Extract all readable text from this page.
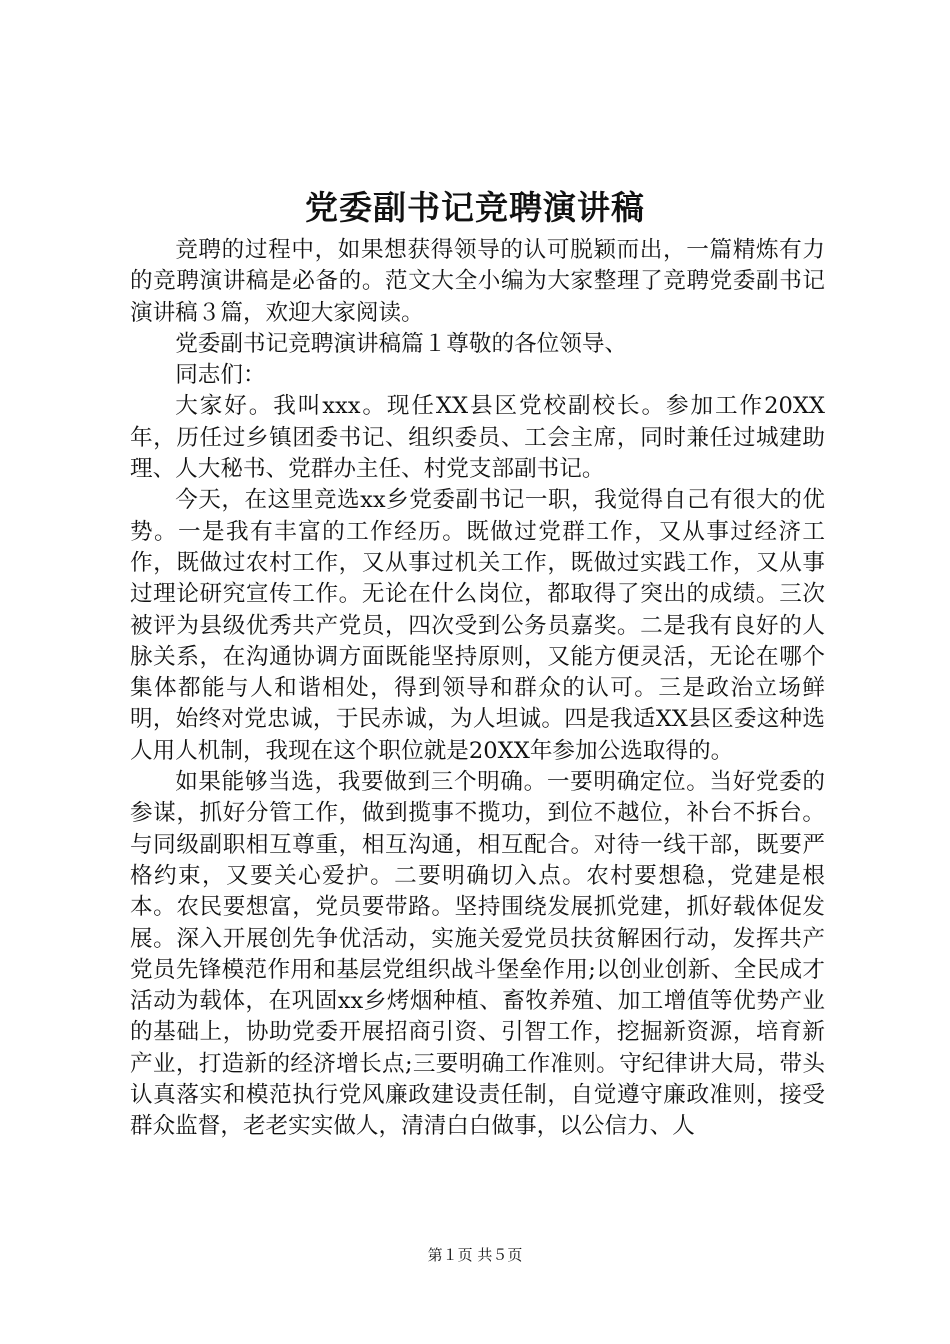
党委副书记竞聘演讲稿

竞聘的过程中，如果想获得领导的认可脱颖而出，一篇精炼有力的竞聘演讲稿是必备的。范文大全小编为大家整理了竞聘党委副书记演讲稿３篇，欢迎大家阅读。

党委副书记竞聘演讲稿篇１尊敬的各位领导、

同志们：

大家好。我叫xxx。现任XX县区党校副校长。参加工作20XX年，历任过乡镇团委书记、组织委员、工会主席，同时兼任过城建助理、人大秘书、党群办主任、村党支部副书记。

今天，在这里竞选xx乡党委副书记一职，我觉得自己有很大的优势。一是我有丰富的工作经历。既做过党群工作，又从事过经济工作，既做过农村工作，又从事过机关工作，既做过实践工作，又从事过理论研究宣传工作。无论在什么岗位，都取得了突出的成绩。三次被评为县级优秀共产党员，四次受到公务员嘉奖。二是我有良好的人脉关系，在沟通协调方面既能坚持原则，又能方便灵活，无论在哪个集体都能与人和谐相处，得到领导和群众的认可。三是政治立场鲜明，始终对党忠诚，于民赤诚，为人坦诚。四是我适XX县区委这种选人用人机制，我现在这个职位就是20XX年参加公选取得的。

如果能够当选，我要做到三个明确。一要明确定位。当好党委的参谋，抓好分管工作，做到揽事不揽功，到位不越位，补台不拆台。与同级副职相互尊重，相互沟通，相互配合。对待一线干部，既要严格约束，又要关心爱护。二要明确切入点。农村要想稳，党建是根本。农民要想富，党员要带路。坚持围绕发展抓党建，抓好载体促发展。深入开展创先争优活动，实施关爱党员扶贫解困行动，发挥共产党员先锋模范作用和基层党组织战斗堡垒作用;以创业创新、全民成才活动为载体，在巩固xx乡烤烟种植、畜牧养殖、加工增值等优势产业的基础上，协助党委开展招商引资、引智工作，挖掘新资源，培育新产业，打造新的经济增长点;三要明确工作准则。守纪律讲大局，带头认真落实和模范执行党风廉政建设责任制，自觉遵守廉政准则，接受群众监督，老老实实做人，清清白白做事，以公信力、人

第１页 共５页
